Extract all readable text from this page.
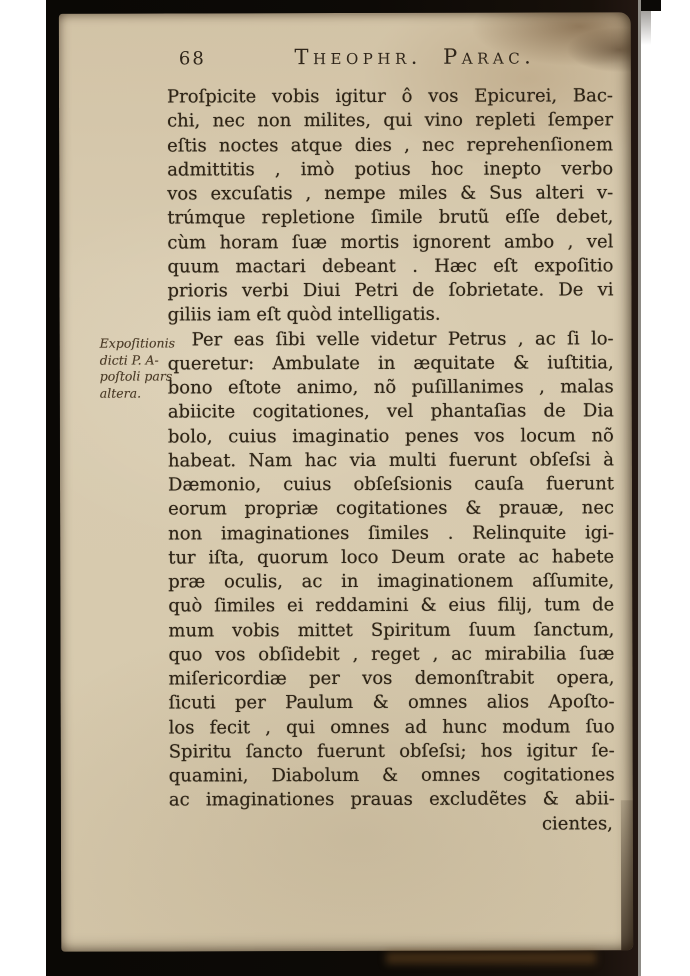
68	Theophr. Parac.
Expoſitionis
dicti P. A-
poſtoli pars
altera.
Proſpicite vobis igitur ô vos Epicurei, Bac-
chi, nec non milites, qui vino repleti ſemper
eſtis noctes atque dies , nec reprehenſionem
admittitis , imò potius hoc inepto verbo
vos excuſatis , nempe miles & Sus alteri v-
trúmque repletione ſimile brutũ eſſe debet,
cùm horam ſuæ mortis ignorent ambo , vel
quum mactari debeant . Hæc eſt expoſitio
prioris verbi Diui Petri de ſobrietate. De vi
giliis iam eſt quòd intelligatis.
Per eas ſibi velle videtur Petrus , ac ſi lo-
queretur: Ambulate in æquitate & iuſtitia,
bono eſtote animo, nõ puſillanimes , malas
abiicite cogitationes, vel phantaſias de Dia
bolo, cuius imaginatio penes vos locum nõ
habeat. Nam hac via multi fuerunt obſeſsi à
Dæmonio, cuius obſeſsionis cauſa fuerunt
eorum propriæ cogitationes & prauæ, nec
non imaginationes ſimiles . Relinquite igi-
tur iſta, quorum loco Deum orate ac habete
præ oculis, ac in imaginationem aſſumite,
quò ſimiles ei reddamini & eius filij, tum de
mum vobis mittet Spiritum ſuum ſanctum,
quo vos obſidebit , reget , ac mirabilia ſuæ
miſericordiæ per vos demonſtrabit opera,
ſicuti per Paulum & omnes alios Apoſto-
los fecit , qui omnes ad hunc modum ſuo
Spiritu ſancto fuerunt obſeſsi; hos igitur ſe-
quamini, Diabolum & omnes cogitationes
ac imaginationes prauas excludẽtes & abii-
cientes,
